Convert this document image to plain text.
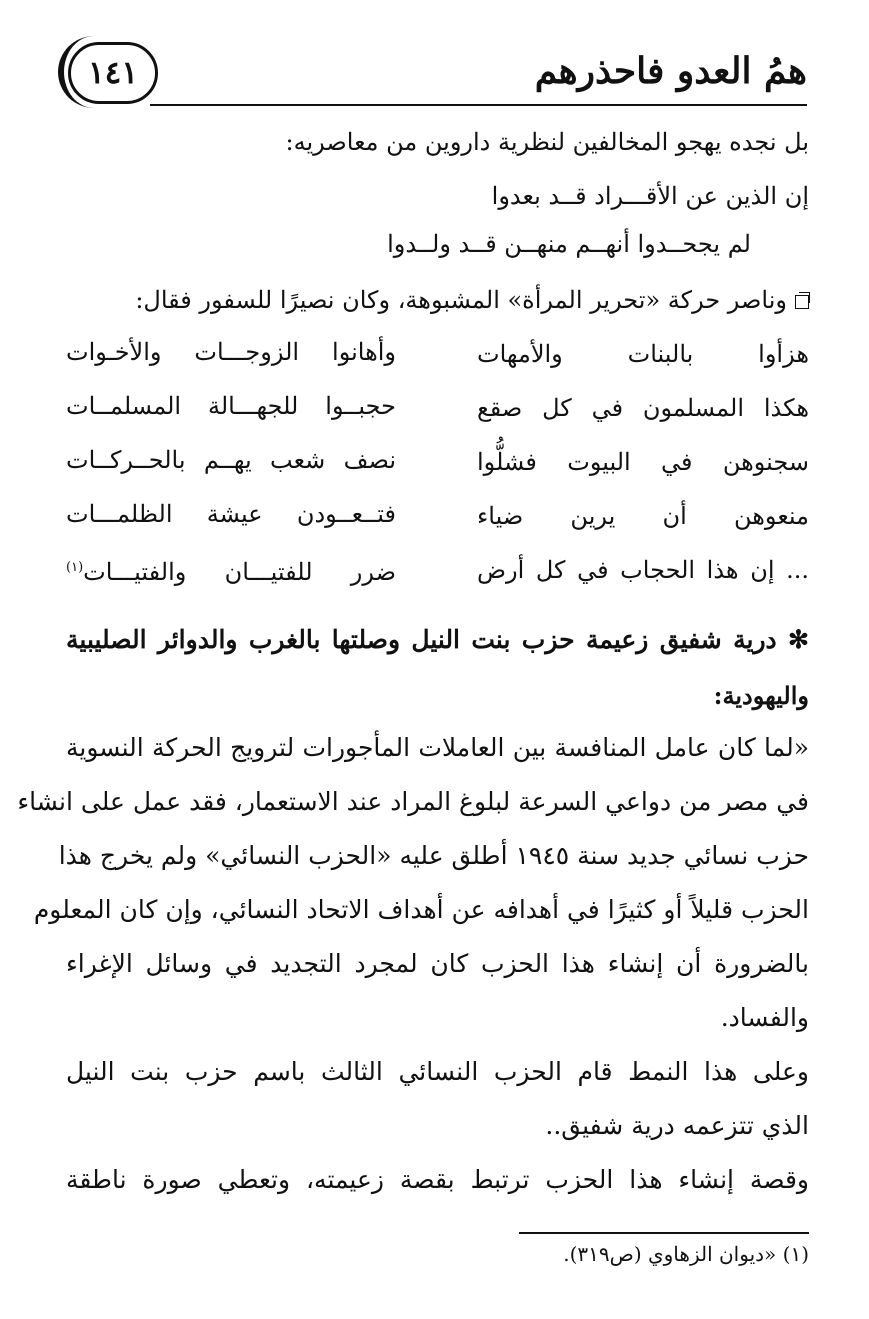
همُ العدو فاحذرهم
١٤١
بل نجده يهجو المخالفين لنظرية داروين من معاصريه:
إن الذين عن الأقـــراد قــد بعدوا
لم يجحــدوا أنهــم منهــن قــد ولــدوا
وناصر حركة «تحرير المرأة» المشبوهة، وكان نصيرًا للسفور فقال:
هزأوا بالبنات والأمهات
وأهانوا الزوجـــات والأخـوات
هكذا المسلمون في كل صقع
حجبــوا للجهـــالة المسلمــات
سجنوهن في البيوت فشلُّوا
نصف شعب يهــم بالحــركــات
منعوهن أن يرين ضياء
فتــعــودن عيشة الظلمـــات
... إن هذا الحجاب في كل أرض
ضرر للفتيـــان والفتيـــات$^{(١)}$
✻ درية شفيق زعيمة حزب بنت النيل وصلتها بالغرب والدوائر الصليبية
واليهودية:
«لما كان عامل المنافسة بين العاملات المأجورات لترويج الحركة النسوية
في مصر من دواعي السرعة لبلوغ المراد عند الاستعمار، فقد عمل على انشاء
حزب نسائي جديد سنة ١٩٤٥ أطلق عليه «الحزب النسائي» ولم يخرج هذا
الحزب قليلاً أو كثيرًا في أهدافه عن أهداف الاتحاد النسائي، وإن كان المعلوم
بالضرورة أن إنشاء هذا الحزب كان لمجرد التجديد في وسائل الإغراء
والفساد.
وعلى هذا النمط قام الحزب النسائي الثالث باسم حزب بنت النيل
الذي تتزعمه درية شفيق..
وقصة إنشاء هذا الحزب ترتبط بقصة زعيمته، وتعطي صورة ناطقة
(١) «ديوان الزهاوي (ص٣١٩).
